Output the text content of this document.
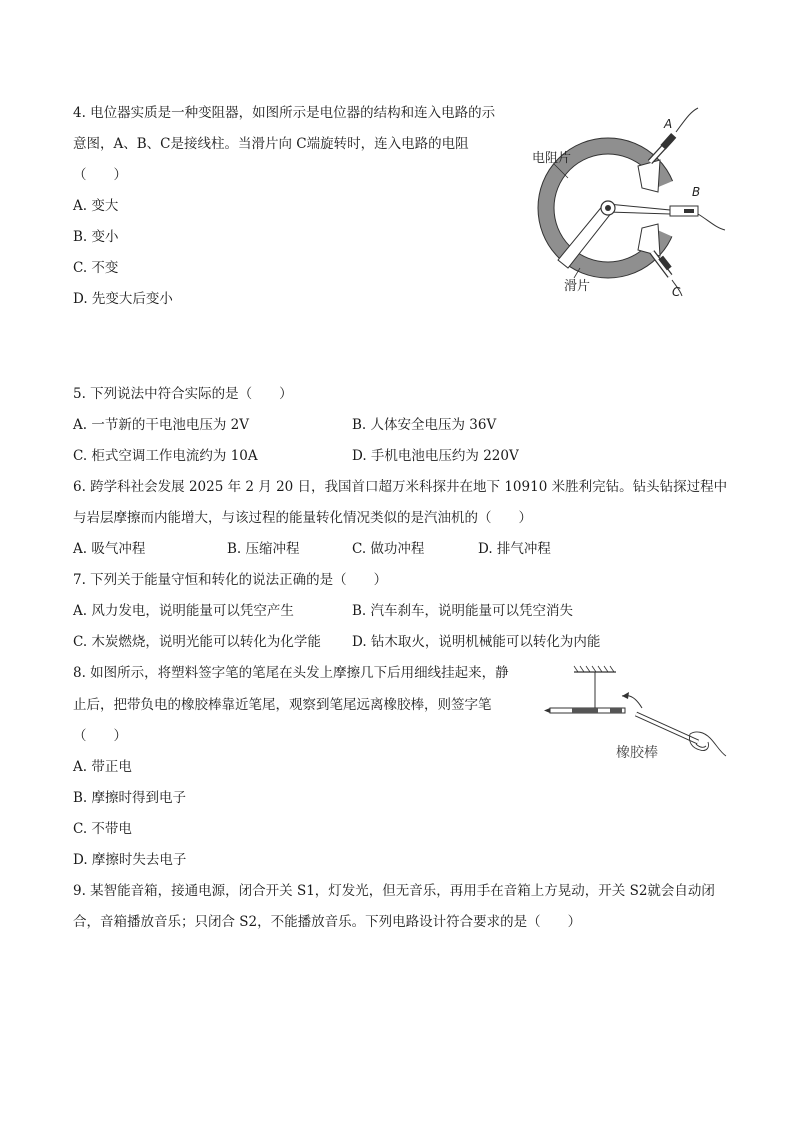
4. 电位器实质是一种变阻器，如图所示是电位器的结构和连入电路的示
意图，A、B、C是接线柱。当滑片向 C端旋转时，连入电路的电阻
（　　）
A. 变大
B. 变小
C. 不变
D. 先变大后变小
电阻片
滑片
A
B
C
5. 下列说法中符合实际的是（　　）
A. 一节新的干电池电压为 2V	B. 人体安全电压为 36V
C. 柜式空调工作电流约为 10A	D. 手机电池电压约为 220V
6. 跨学科社会发展 2025 年 2 月 20 日，我国首口超万米科探井在地下 10910 米胜利完钻。钻头钻探过程中
与岩层摩擦而内能增大，与该过程的能量转化情况类似的是汽油机的（　　）
A. 吸气冲程	B. 压缩冲程	C. 做功冲程	D. 排气冲程
7. 下列关于能量守恒和转化的说法正确的是（　　）
A. 风力发电，说明能量可以凭空产生	B. 汽车刹车，说明能量可以凭空消失
C. 木炭燃烧，说明光能可以转化为化学能 D. 钻木取火，说明机械能可以转化为内能
8. 如图所示，将塑料签字笔的笔尾在头发上摩擦几下后用细线挂起来，静
止后，把带负电的橡胶棒靠近笔尾，观察到笔尾远离橡胶棒，则签字笔
（　　）
A. 带正电
B. 摩擦时得到电子
C. 不带电
D. 摩擦时失去电子
橡胶棒
9. 某智能音箱，接通电源，闭合开关 S1，灯发光，但无音乐，再用手在音箱上方晃动，开关 S2就会自动闭
合，音箱播放音乐；只闭合 S2，不能播放音乐。下列电路设计符合要求的是（　　）
